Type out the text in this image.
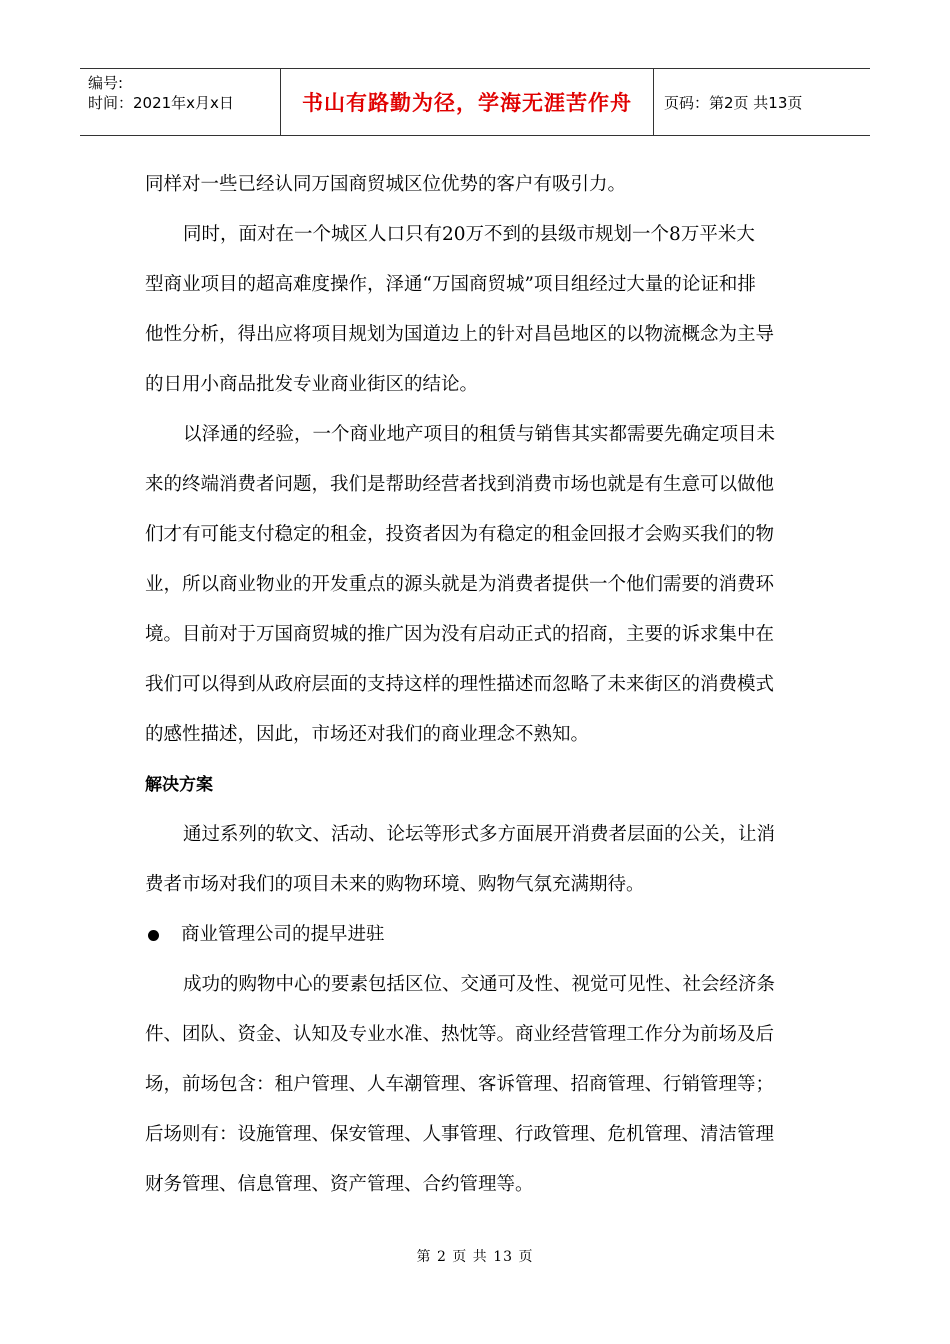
编号:
时间：2021年x月x日	书山有路勤为径，学海无涯苦作舟	页码：第2页 共13页

同样对一些已经认同万国商贸城区位优势的客户有吸引力。

同时，面对在一个城区人口只有20万不到的县级市规划一个8万平米大

型商业项目的超高难度操作，泽通“万国商贸城”项目组经过大量的论证和排

他性分析，得出应将项目规划为国道边上的针对昌邑地区的以物流概念为主导

的日用小商品批发专业商业街区的结论。

以泽通的经验，一个商业地产项目的租赁与销售其实都需要先确定项目未

来的终端消费者问题，我们是帮助经营者找到消费市场也就是有生意可以做他

们才有可能支付稳定的租金，投资者因为有稳定的租金回报才会购买我们的物

业，所以商业物业的开发重点的源头就是为消费者提供一个他们需要的消费环

境。目前对于万国商贸城的推广因为没有启动正式的招商，主要的诉求集中在

我们可以得到从政府层面的支持这样的理性描述而忽略了未来街区的消费模式

的感性描述，因此，市场还对我们的商业理念不熟知。

解决方案

通过系列的软文、活动、论坛等形式多方面展开消费者层面的公关，让消

费者市场对我们的项目未来的购物环境、购物气氛充满期待。

商业管理公司的提早进驻

成功的购物中心的要素包括区位、交通可及性、视觉可见性、社会经济条

件、团队、资金、认知及专业水准、热忱等。商业经营管理工作分为前场及后

场，前场包含：租户管理、人车潮管理、客诉管理、招商管理、行销管理等；

后场则有：设施管理、保安管理、人事管理、行政管理、危机管理、清洁管理

财务管理、信息管理、资产管理、合约管理等。

第 2 页 共 13 页
